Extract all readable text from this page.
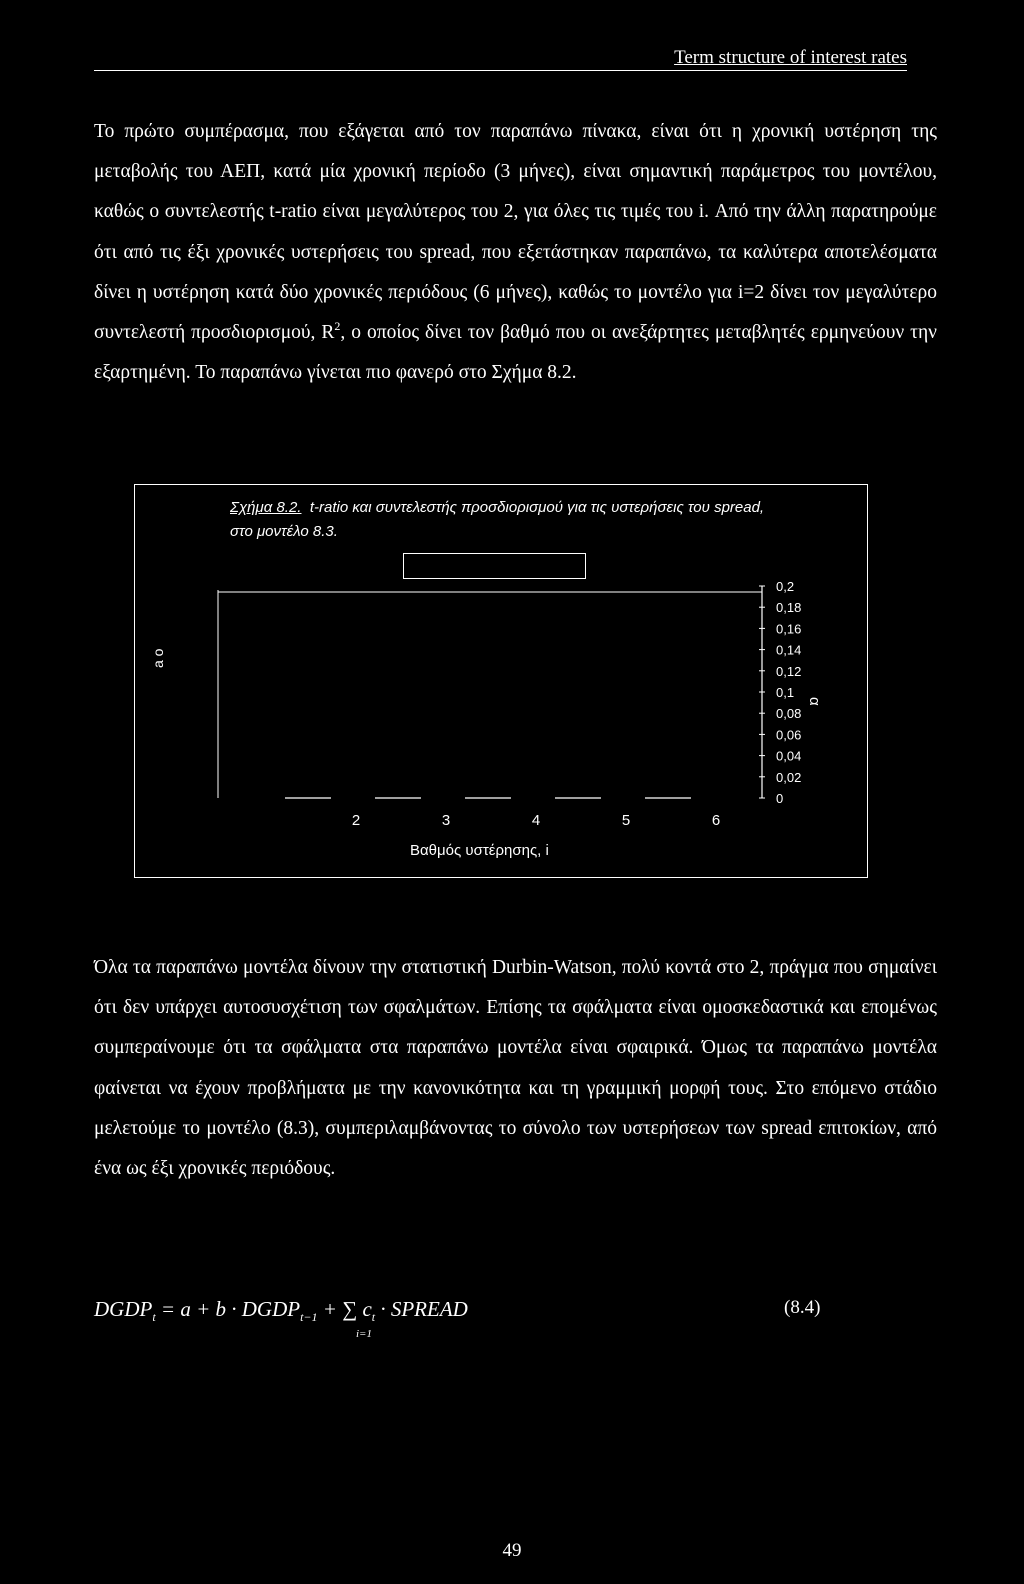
Term structure of interest rates
Το πρώτο συμπέρασμα, που εξάγεται από τον παραπάνω πίνακα, είναι ότι η χρονική υστέρηση της μεταβολής του ΑΕΠ, κατά μία χρονική περίοδο (3 μήνες), είναι σημαντική παράμετρος του μοντέλου, καθώς ο συντελεστής t-ratio είναι μεγαλύτερος του 2, για όλες τις τιμές του i. Από την άλλη παρατηρούμε ότι από τις έξι χρονικές υστερήσεις του spread, που εξετάστηκαν παραπάνω, τα καλύτερα αποτελέσματα δίνει η υστέρηση κατά δύο χρονικές περιόδους (6 μήνες), καθώς το μοντέλο για i=2 δίνει τον μεγαλύτερο συντελεστή προσδιορισμού, $R^2$, ο οποίος δίνει τον βαθμό που οι ανεξάρτητες μεταβλητές ερμηνεύουν την εξαρτημένη. Το παραπάνω γίνεται πιο φανερό στο Σχήμα 8.2.
Σχήμα 8.2. t-ratio και συντελεστής προσδιορισμού για τις υστερήσεις του spread, στο μοντέλο 8.3.
a o
α
Βαθμός υστέρησης, i
0,2
0,18
0,16
0,14
0,12
0,1
0,08
0,06
0,04
0,02
0
2	3	4	5	6
Όλα τα παραπάνω μοντέλα δίνουν την στατιστική Durbin-Watson, πολύ κοντά στο 2, πράγμα που σημαίνει ότι δεν υπάρχει αυτοσυσχέτιση των σφαλμάτων. Επίσης τα σφάλματα είναι ομοσκεδαστικά και επομένως συμπεραίνουμε ότι τα σφάλματα στα παραπάνω μοντέλα είναι σφαιρικά. Όμως τα παραπάνω μοντέλα φαίνεται να έχουν προβλήματα με την κανονικότητα και τη γραμμική μορφή τους. Στο επόμενο στάδιο μελετούμε το μοντέλο (8.3), συμπεριλαμβάνοντας το σύνολο των υστερήσεων των spread επιτοκίων, από ένα ως έξι χρονικές περιόδους.
$DGDP_t = a + b$ · $DGDP_{t-1}$ + ∑ $c_t$ · SPREAD
i=1
(8.4)
49
